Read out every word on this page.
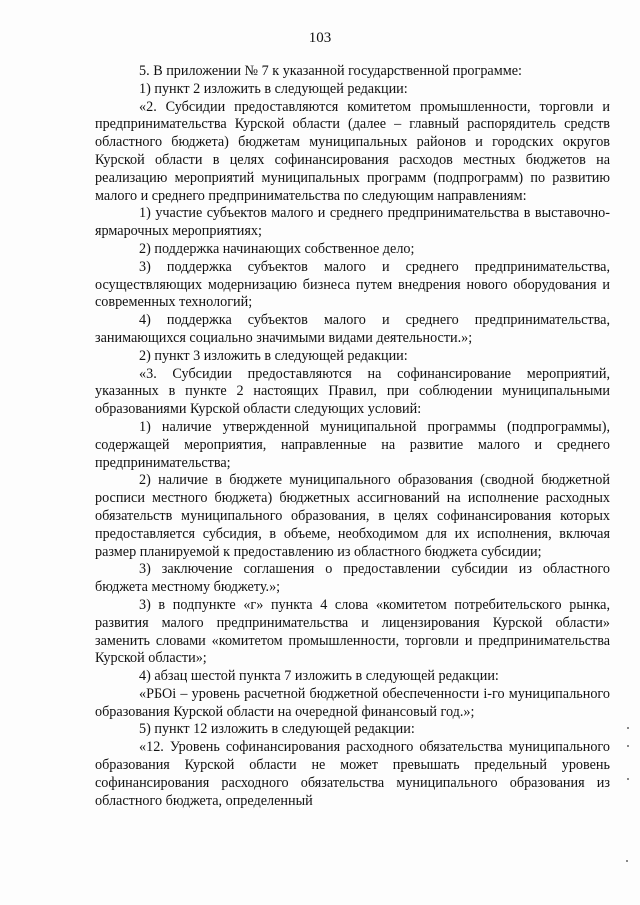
103

5. В приложении № 7 к указанной государственной программе:

1) пункт 2 изложить в следующей редакции:

«2. Субсидии предоставляются комитетом промышленности, торговли и предпринимательства Курской области (далее – главный распорядитель средств областного бюджета) бюджетам муниципальных районов и городских округов Курской области в целях софинансирования расходов местных бюджетов на реализацию мероприятий муниципальных программ (подпрограмм) по развитию малого и среднего предпринимательства по следующим направлениям:

1) участие субъектов малого и среднего предпринимательства в выставочно-ярмарочных мероприятиях;

2) поддержка начинающих собственное дело;

3) поддержка субъектов малого и среднего предпринимательства, осуществляющих модернизацию бизнеса путем внедрения нового оборудования и современных технологий;

4) поддержка субъектов малого и среднего предпринимательства, занимающихся социально значимыми видами деятельности.»;

2) пункт 3 изложить в следующей редакции:

«3. Субсидии предоставляются на софинансирование мероприятий, указанных в пункте 2 настоящих Правил, при соблюдении муниципальными образованиями Курской области следующих условий:

1) наличие утвержденной муниципальной программы (подпрограммы), содержащей мероприятия, направленные на развитие малого и среднего предпринимательства;

2) наличие в бюджете муниципального образования (сводной бюджетной росписи местного бюджета) бюджетных ассигнований на исполнение расходных обязательств муниципального образования, в целях софинансирования которых предоставляется субсидия, в объеме, необходимом для их исполнения, включая размер планируемой к предоставлению из областного бюджета субсидии;

3) заключение соглашения о предоставлении субсидии из областного бюджета местному бюджету.»;

3) в подпункте «г» пункта 4 слова «комитетом потребительского рынка, развития малого предпринимательства и лицензирования Курской области» заменить словами «комитетом промышленности, торговли и предпринимательства Курской области»;

4) абзац шестой пункта 7 изложить в следующей редакции:

«РБОi – уровень расчетной бюджетной обеспеченности i-го муниципального образования Курской области на очередной финансовый год.»;

5) пункт 12 изложить в следующей редакции:

«12. Уровень софинансирования расходного обязательства муниципального образования Курской области не может превышать предельный уровень софинансирования расходного обязательства муниципального образования из областного бюджета, определенный
